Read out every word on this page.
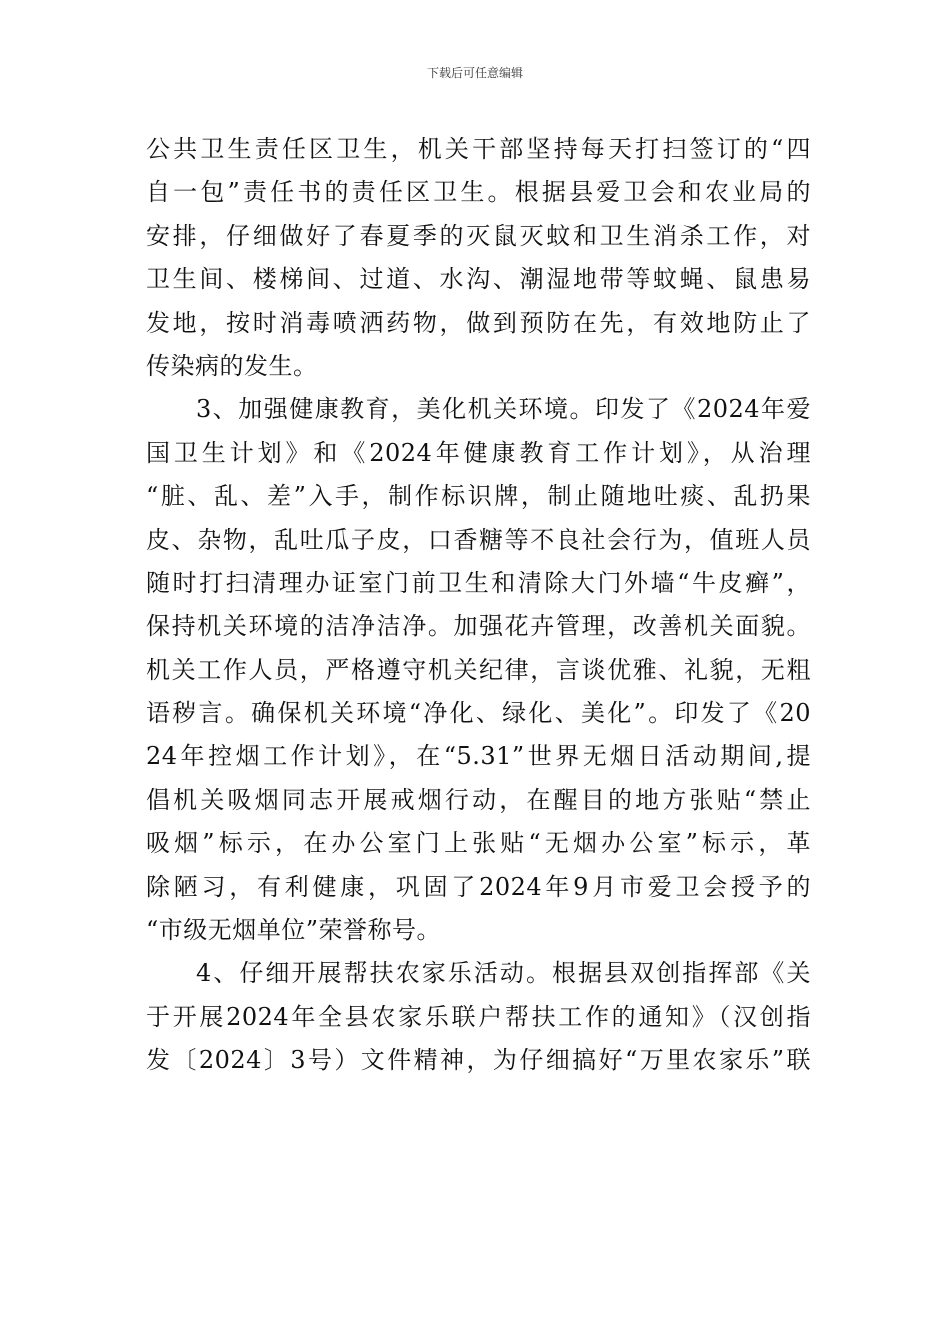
下载后可任意编辑
公共卫生责任区卫生，机关干部坚持每天打扫签订的“四
自一包”责任书的责任区卫生。根据县爱卫会和农业局的
安排，仔细做好了春夏季的灭鼠灭蚊和卫生消杀工作，对
卫生间、楼梯间、过道、水沟、潮湿地带等蚊蝇、鼠患易
发地，按时消毒喷洒药物，做到预防在先，有效地防止了
传染病的发生。
3、加强健康教育，美化机关环境。印发了《2024年爱
国卫生计划》和《2024年健康教育工作计划》，从治理
“脏、乱、差”入手，制作标识牌，制止随地吐痰、乱扔果
皮、杂物，乱吐瓜子皮，口香糖等不良社会行为，值班人员
随时打扫清理办证室门前卫生和清除大门外墙“牛皮癣”，
保持机关环境的洁净洁净。加强花卉管理，改善机关面貌。
机关工作人员，严格遵守机关纪律，言谈优雅、礼貌，无粗
语秽言。确保机关环境“净化、绿化、美化”。印发了《20
24年控烟工作计划》，在“5.31”世界无烟日活动期间,提
倡机关吸烟同志开展戒烟行动，在醒目的地方张贴“禁止
吸烟”标示，在办公室门上张贴“无烟办公室”标示，革
除陋习，有利健康，巩固了2024年9月市爱卫会授予的
“市级无烟单位”荣誉称号。
4、仔细开展帮扶农家乐活动。根据县双创指挥部《关
于开展2024年全县农家乐联户帮扶工作的通知》（汉创指
发〔2024〕3号）文件精神，为仔细搞好“万里农家乐”联
